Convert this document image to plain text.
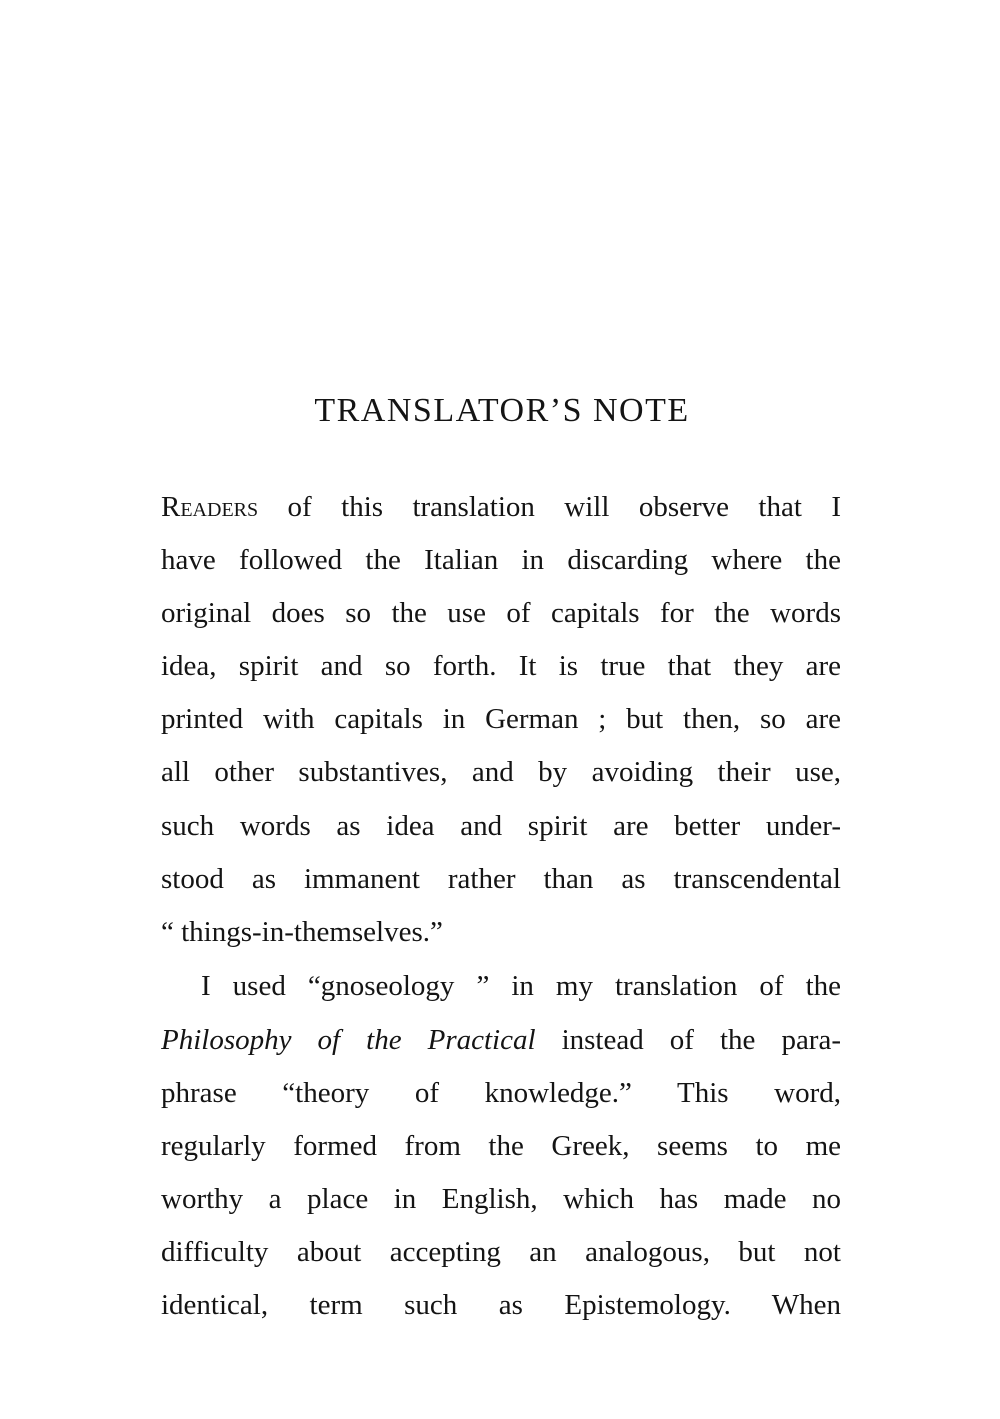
TRANSLATOR’S NOTE
Readers of this translation will observe that I
have followed the Italian in discarding where the
original does so the use of capitals for the words
idea, spirit and so forth. It is true that they are
printed with capitals in German ; but then, so are
all other substantives, and by avoiding their use,
such words as idea and spirit are better under-
stood as immanent rather than as transcendental
“ things-in-themselves.”
I used “gnoseology ” in my translation of the
Philosophy of the Practical instead of the para-
phrase “theory of knowledge.” This word,
regularly formed from the Greek, seems to me
worthy a place in English, which has made no
difficulty about accepting an analogous, but not
identical, term such as Epistemology. When
